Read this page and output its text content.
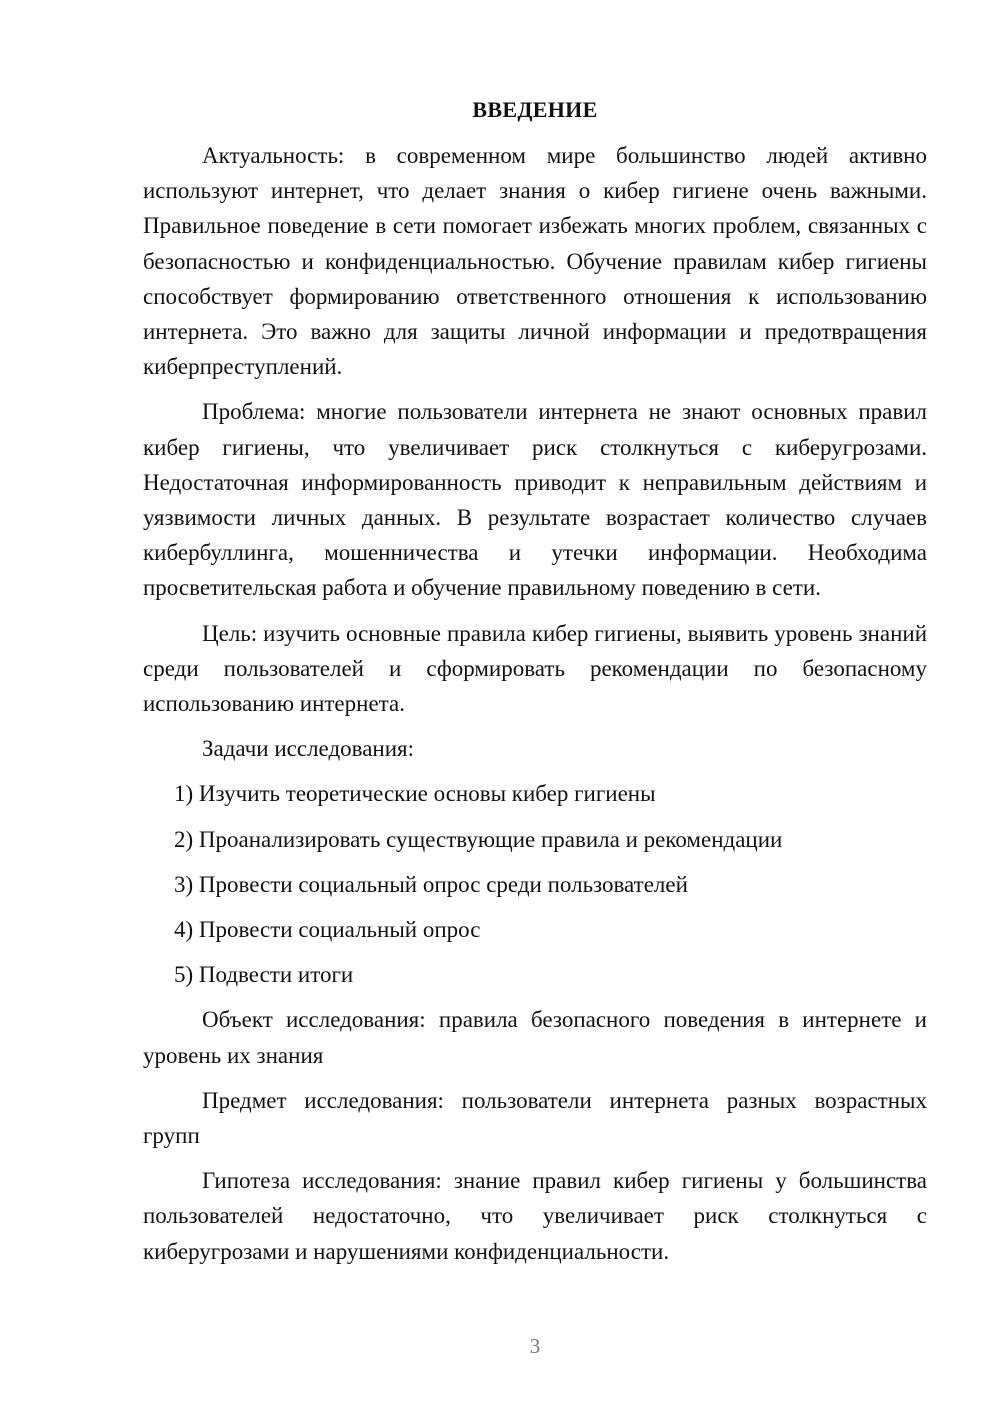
ВВЕДЕНИЕ

Актуальность: в современном мире большинство людей активно используют интернет, что делает знания о кибер гигиене очень важными. Правильное поведение в сети помогает избежать многих проблем, связанных с безопасностью и конфиденциальностью. Обучение правилам кибер гигиены способствует формированию ответственного отношения к использованию интернета. Это важно для защиты личной информации и предотвращения киберпреступлений.

Проблема: многие пользователи интернета не знают основных правил кибер гигиены, что увеличивает риск столкнуться с киберугрозами. Недостаточная информированность приводит к неправильным действиям и уязвимости личных данных. В результате возрастает количество случаев кибербуллинга, мошенничества и утечки информации. Необходима просветительская работа и обучение правильному поведению в сети.

Цель: изучить основные правила кибер гигиены, выявить уровень знаний среди пользователей и сформировать рекомендации по безопасному использованию интернета.

Задачи исследования:

1) Изучить теоретические основы кибер гигиены
2) Проанализировать существующие правила и рекомендации
3) Провести социальный опрос среди пользователей
4) Провести социальный опрос
5) Подвести итоги

Объект исследования: правила безопасного поведения в интернете и уровень их знания

Предмет исследования: пользователи интернета разных возрастных групп

Гипотеза исследования: знание правил кибер гигиены у большинства пользователей недостаточно, что увеличивает риск столкнуться с киберугрозами и нарушениями конфиденциальности.

3
